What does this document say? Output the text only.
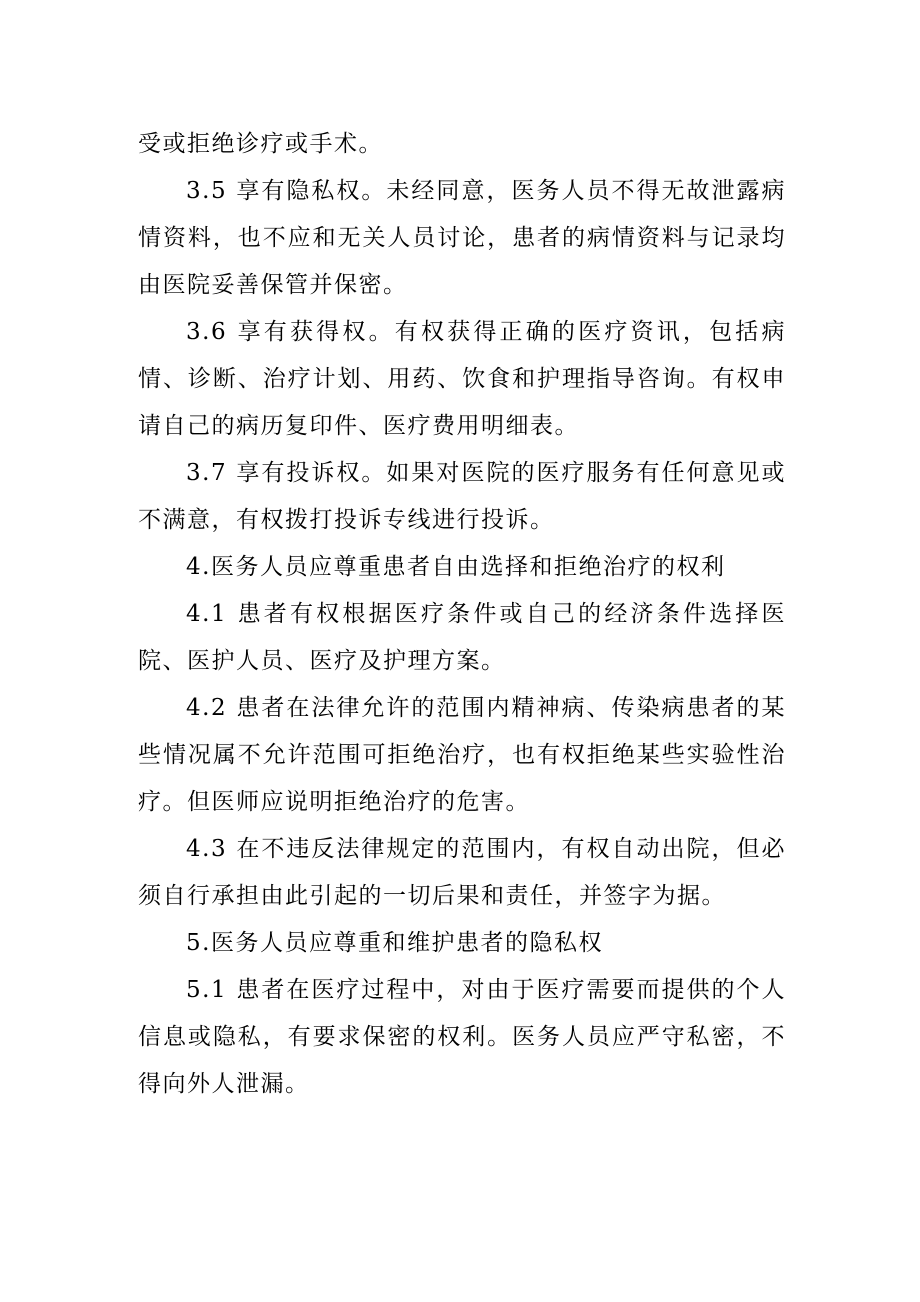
受或拒绝诊疗或手术。

3.5 享有隐私权。未经同意，医务人员不得无故泄露病情资料，也不应和无关人员讨论，患者的病情资料与记录均由医院妥善保管并保密。

3.6 享有获得权。有权获得正确的医疗资讯，包括病情、诊断、治疗计划、用药、饮食和护理指导咨询。有权申请自己的病历复印件、医疗费用明细表。

3.7 享有投诉权。如果对医院的医疗服务有任何意见或不满意，有权拨打投诉专线进行投诉。

4.医务人员应尊重患者自由选择和拒绝治疗的权利

4.1 患者有权根据医疗条件或自己的经济条件选择医院、医护人员、医疗及护理方案。

4.2 患者在法律允许的范围内精神病、传染病患者的某些情况属不允许范围可拒绝治疗，也有权拒绝某些实验性治疗。但医师应说明拒绝治疗的危害。

4.3 在不违反法律规定的范围内，有权自动出院，但必须自行承担由此引起的一切后果和责任，并签字为据。

5.医务人员应尊重和维护患者的隐私权

5.1 患者在医疗过程中，对由于医疗需要而提供的个人信息或隐私，有要求保密的权利。医务人员应严守私密，不得向外人泄漏。
